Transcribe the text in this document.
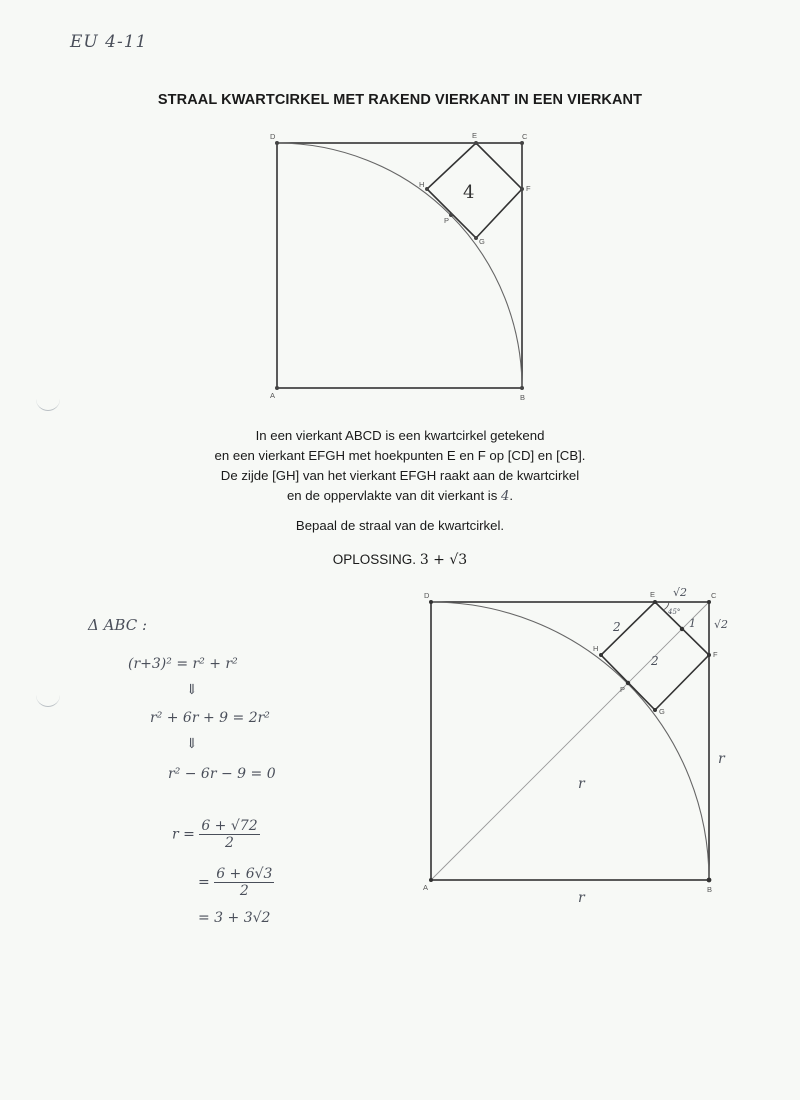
EU 4-11
STRAAL KWARTCIRKEL MET RAKEND VIERKANT IN EEN VIERKANT
D	E	C
F
H
P
G
A	B
4
In een vierkant ABCD is een kwartcirkel getekend
en een vierkant EFGH met hoekpunten E en F op [CD] en [CB].
De zijde [GH] van het vierkant EFGH raakt aan de kwartcirkel
en de oppervlakte van dit vierkant is 4.
Bepaal de straal van de kwartcirkel.
OPLOSSING. 3 + √3
D	E	C
F
H
P
G
A	B
√2
45°
√2
1
2
2
r
r
r
Δ ABC :
(r+3)² = r² + r²
⇓
r² + 6r + 9 = 2r²
⇓
r² − 6r − 9 = 0
$r = \frac{6 + √72}{2}$
= $\frac{6 + 6√3}{2}$
= 3 + 3√2
